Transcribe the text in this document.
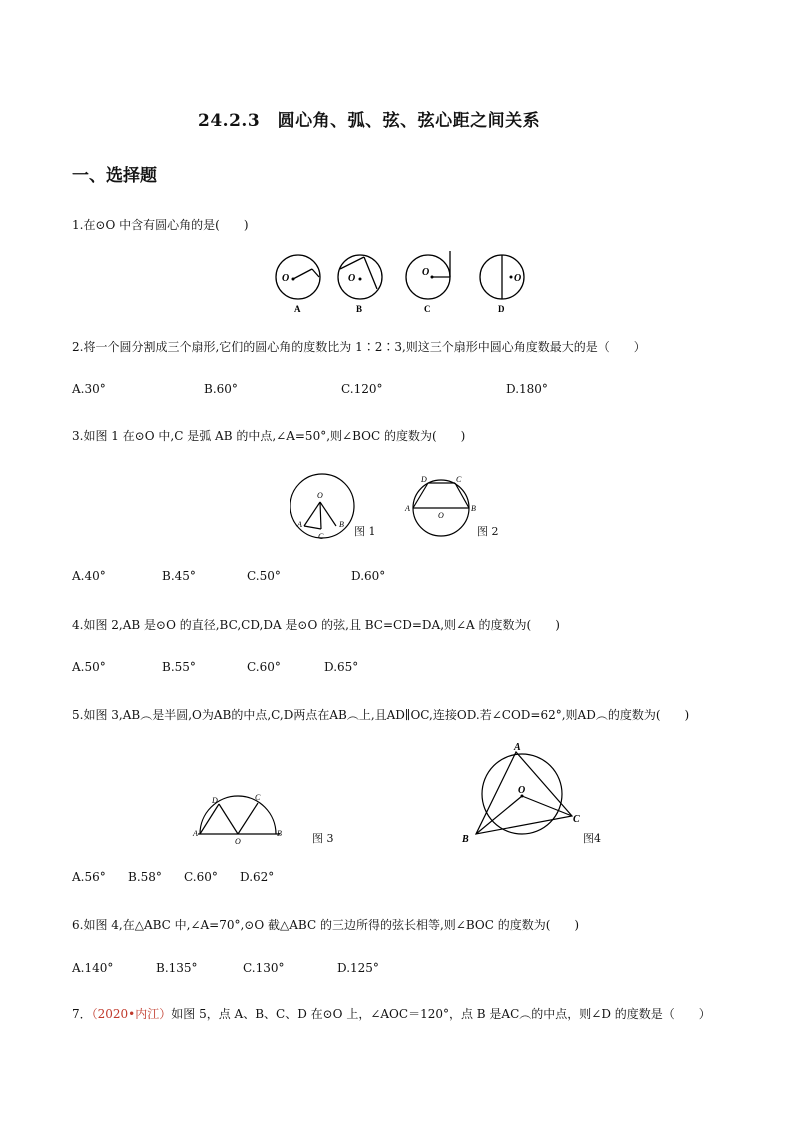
24.2.3　圆心角、弧、弦、弦心距之间关系
一、选择题
1.在⊙O 中含有圆心角的是(　　)
O
A
O
B
O
C
O
D
2.将一个圆分割成三个扇形,它们的圆心角的度数比为 1∶2∶3,则这三个扇形中圆心角度数最大的是（　　）
A.30°	B.60°	C.120°	D.180°
3.如图 1 在⊙O 中,C 是弧 AB 的中点,∠A=50°,则∠BOC 的度数为(　　)
O
A	B
C	图 1
D	C
A	B
O
图 2
A.40°	B.45°	C.50°	D.60°
4.如图 2,AB 是⊙O 的直径,BC,CD,DA 是⊙O 的弦,且 BC=CD=DA,则∠A 的度数为(　　)
A.50°	B.55°	C.60°	D.65°
5.如图 3,AB︵是半圆,O为AB的中点,C,D两点在AB︵上,且AD∥OC,连接OD.若∠COD=62°,则AD︵的度数为(　　)
D	C
A
O
B	图 3
A
O
B
C
图4
A.56° B.58° C.60° D.62°
6.如图 4,在△ABC 中,∠A=70°,⊙O 截△ABC 的三边所得的弦长相等,则∠BOC 的度数为(　　)
A.140°	B.135°	C.130°	D.125°
7．（2020•内江）如图 5，点 A、B、C、D 在⊙O 上，∠AOC＝120°，点 B 是AC︵的中点，则∠D 的度数是（　　）
